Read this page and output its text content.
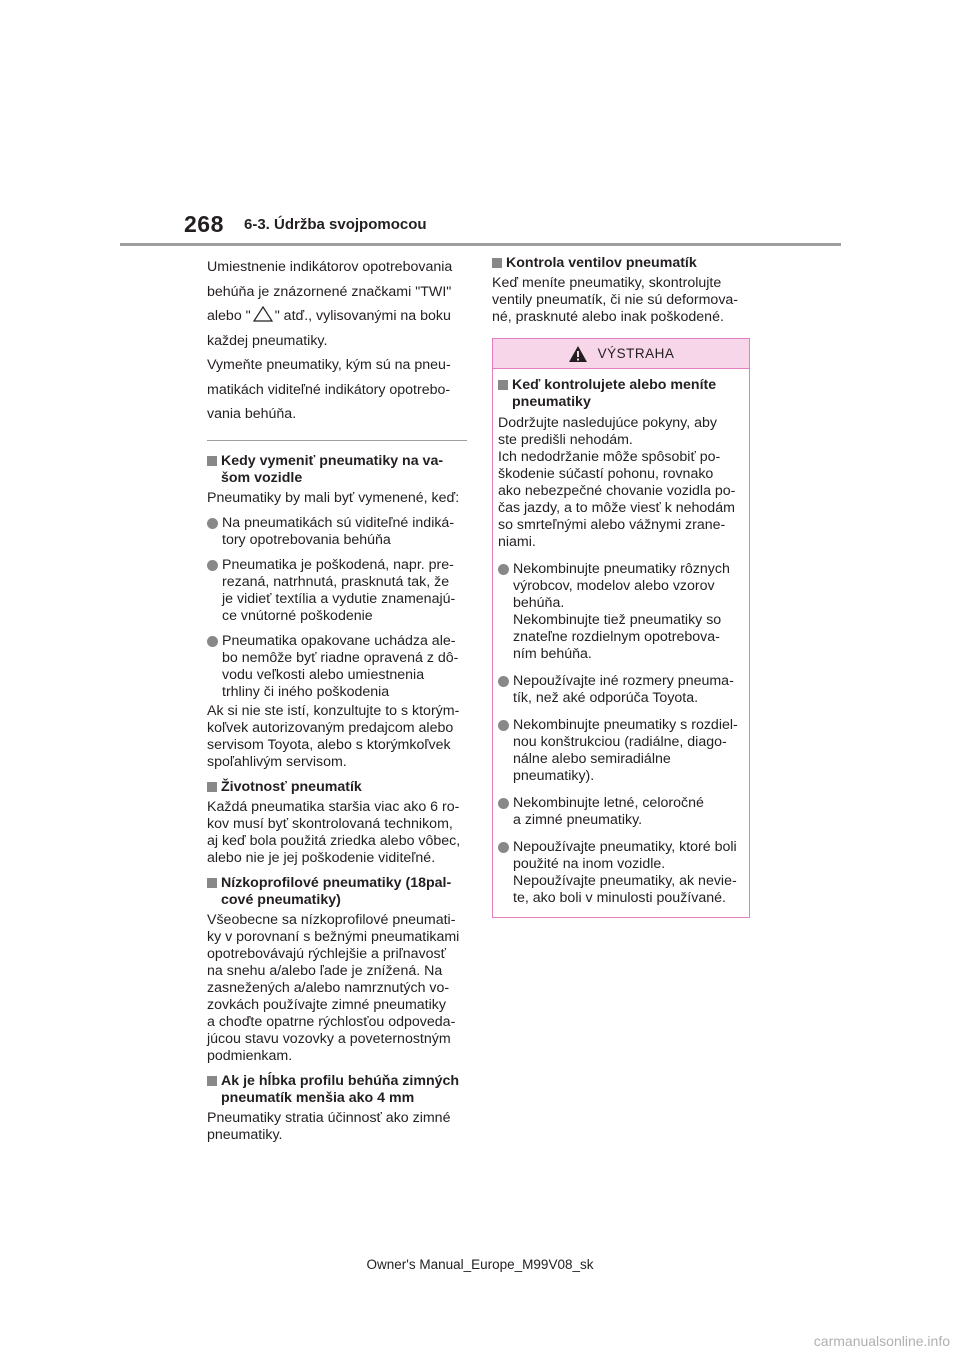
268 6-3. Údržba svojpomocou

Umiestnenie indikátorov opotrebovania

behúňa je znázornené značkami "TWI"

alebo " " atď., vylisovanými na boku

každej pneumatiky.

Vymeňte pneumatiky, kým sú na pneu-

matikách viditeľné indikátory opotrebo-

vania behúňa.

Kedy vymeniť pneumatiky na va-
šom vozidle
Pneumatiky by mali byť vymenené, keď:
Na pneumatikách sú viditeľné indiká-
tory opotrebovania behúňa
Pneumatika je poškodená, napr. pre-
rezaná, natrhnutá, prasknutá tak, že
je vidieť textília a vydutie znamenajú-
ce vnútorné poškodenie
Pneumatika opakovane uchádza ale-
bo nemôže byť riadne opravená z dô-
vodu veľkosti alebo umiestnenia
trhliny či iného poškodenia
Ak si nie ste istí, konzultujte to s ktorým-
koľvek autorizovaným predajcom alebo
servisom Toyota, alebo s ktorýmkoľvek
spoľahlivým servisom.
Životnosť pneumatík
Každá pneumatika staršia viac ako 6 ro-
kov musí byť skontrolovaná technikom,
aj keď bola použitá zriedka alebo vôbec,
alebo nie je jej poškodenie viditeľné.
Nízkoprofilové pneumatiky (18pal-
cové pneumatiky)
Všeobecne sa nízkoprofilové pneumati-
ky v porovnaní s bežnými pneumatikami
opotrebovávajú rýchlejšie a priľnavosť
na snehu a/alebo ľade je znížená. Na
zasnežených a/alebo namrznutých vo-
zovkách používajte zimné pneumatiky
a choďte opatrne rýchlosťou odpoveda-
júcou stavu vozovky a poveternostným
podmienkam.
Ak je hĺbka profilu behúňa zimných
pneumatík menšia ako 4 mm
Pneumatiky stratia účinnosť ako zimné
pneumatiky.
Kontrola ventilov pneumatík
Keď meníte pneumatiky, skontrolujte
ventily pneumatík, či nie sú deformova-
né, prasknuté alebo inak poškodené.
VÝSTRAHA
Keď kontrolujete alebo meníte
pneumatiky
Dodržujte nasledujúce pokyny, aby
ste predišli nehodám.
Ich nedodržanie môže spôsobiť po-
škodenie súčastí pohonu, rovnako
ako nebezpečné chovanie vozidla po-
čas jazdy, a to môže viesť k nehodám
so smrteľnými alebo vážnymi zrane-
niami.
Nekombinujte pneumatiky rôznych
výrobcov, modelov alebo vzorov
behúňa.
Nekombinujte tiež pneumatiky so
znateľne rozdielnym opotrebova-
ním behúňa.
Nepoužívajte iné rozmery pneuma-
tík, než aké odporúča Toyota.
Nekombinujte pneumatiky s rozdiel-
nou konštrukciou (radiálne, diago-
nálne alebo semiradiálne
pneumatiky).
Nekombinujte letné, celoročné
a zimné pneumatiky.
Nepoužívajte pneumatiky, ktoré boli
použité na inom vozidle.
Nepoužívajte pneumatiky, ak nevie-
te, ako boli v minulosti používané.
Owner's Manual_Europe_M99V08_sk
carmanualsonline.info
